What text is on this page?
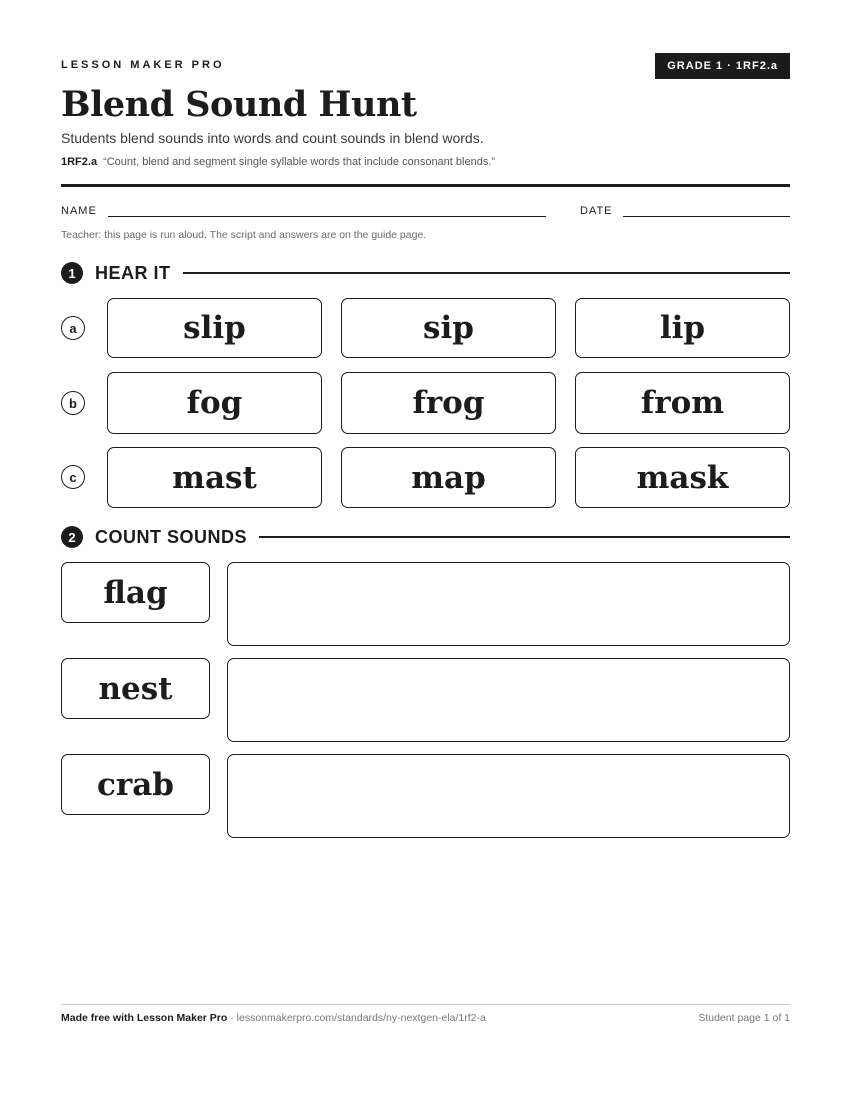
LESSON MAKER PRO	GRADE 1 · 1RF2.a
Blend Sound Hunt
Students blend sounds into words and count sounds in blend words.
1RF2.a “Count, blend and segment single syllable words that include consonant blends.”
NAME	DATE
Teacher: this page is run aloud. The script and answers are on the guide page.
1	HEAR IT
a	slip	sip	lip
b	fog	frog	from
c	mast	map	mask
2	COUNT SOUNDS
flag
nest
crab
Made free with Lesson Maker Pro · lessonmakerpro.com/standards/ny-nextgen-ela/1rf2-a	Student page 1 of 1
